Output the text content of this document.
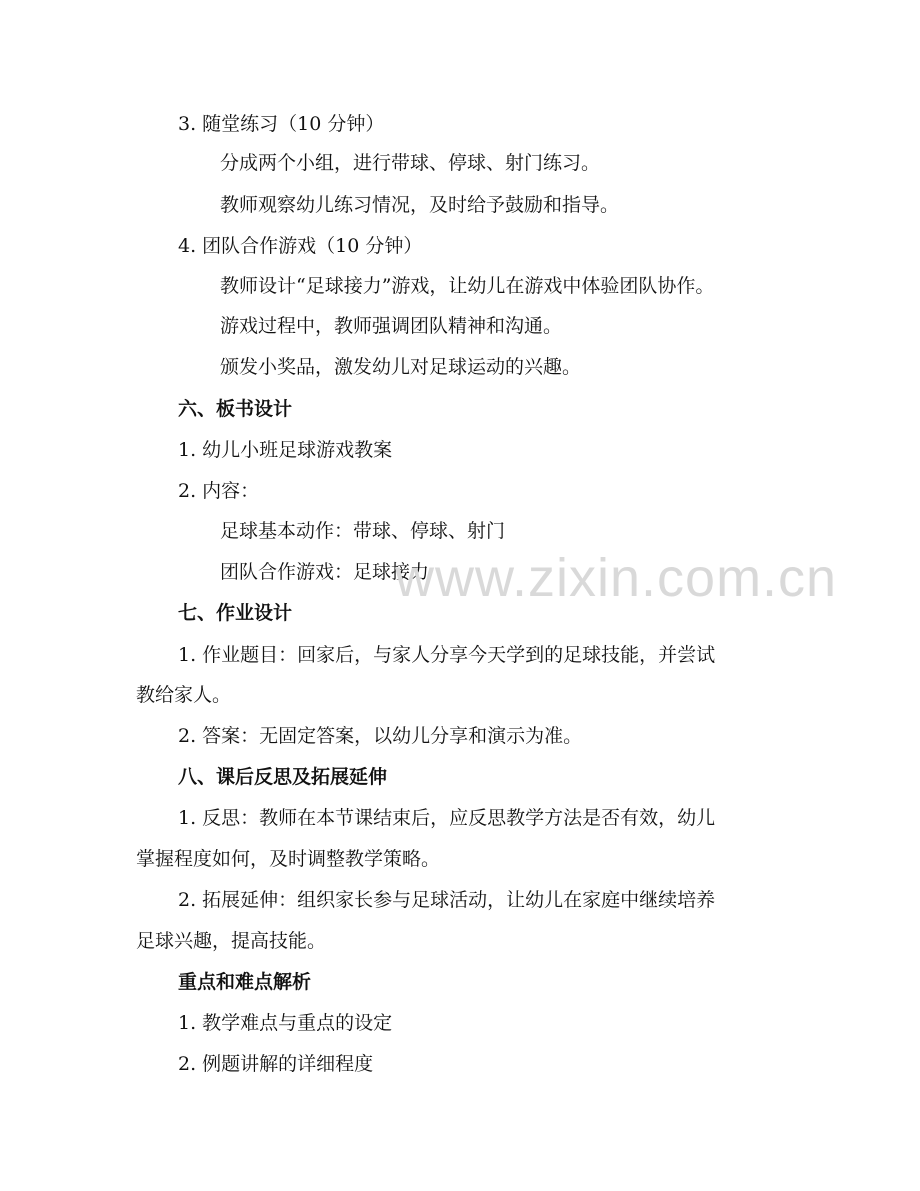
3. 随堂练习（10 分钟）
分成两个小组，进行带球、停球、射门练习。
教师观察幼儿练习情况，及时给予鼓励和指导。
4. 团队合作游戏（10 分钟）
教师设计“足球接力”游戏，让幼儿在游戏中体验团队协作。
游戏过程中，教师强调团队精神和沟通。
颁发小奖品，激发幼儿对足球运动的兴趣。
六、板书设计
1. 幼儿小班足球游戏教案
2. 内容：
足球基本动作：带球、停球、射门
团队合作游戏：足球接力
七、作业设计
1. 作业题目：回家后，与家人分享今天学到的足球技能，并尝试
教给家人。
2. 答案：无固定答案，以幼儿分享和演示为准。
八、课后反思及拓展延伸
1. 反思：教师在本节课结束后，应反思教学方法是否有效，幼儿
掌握程度如何，及时调整教学策略。
2. 拓展延伸：组织家长参与足球活动，让幼儿在家庭中继续培养
足球兴趣，提高技能。
重点和难点解析
1. 教学难点与重点的设定
2. 例题讲解的详细程度
www.zixin.com.cn
